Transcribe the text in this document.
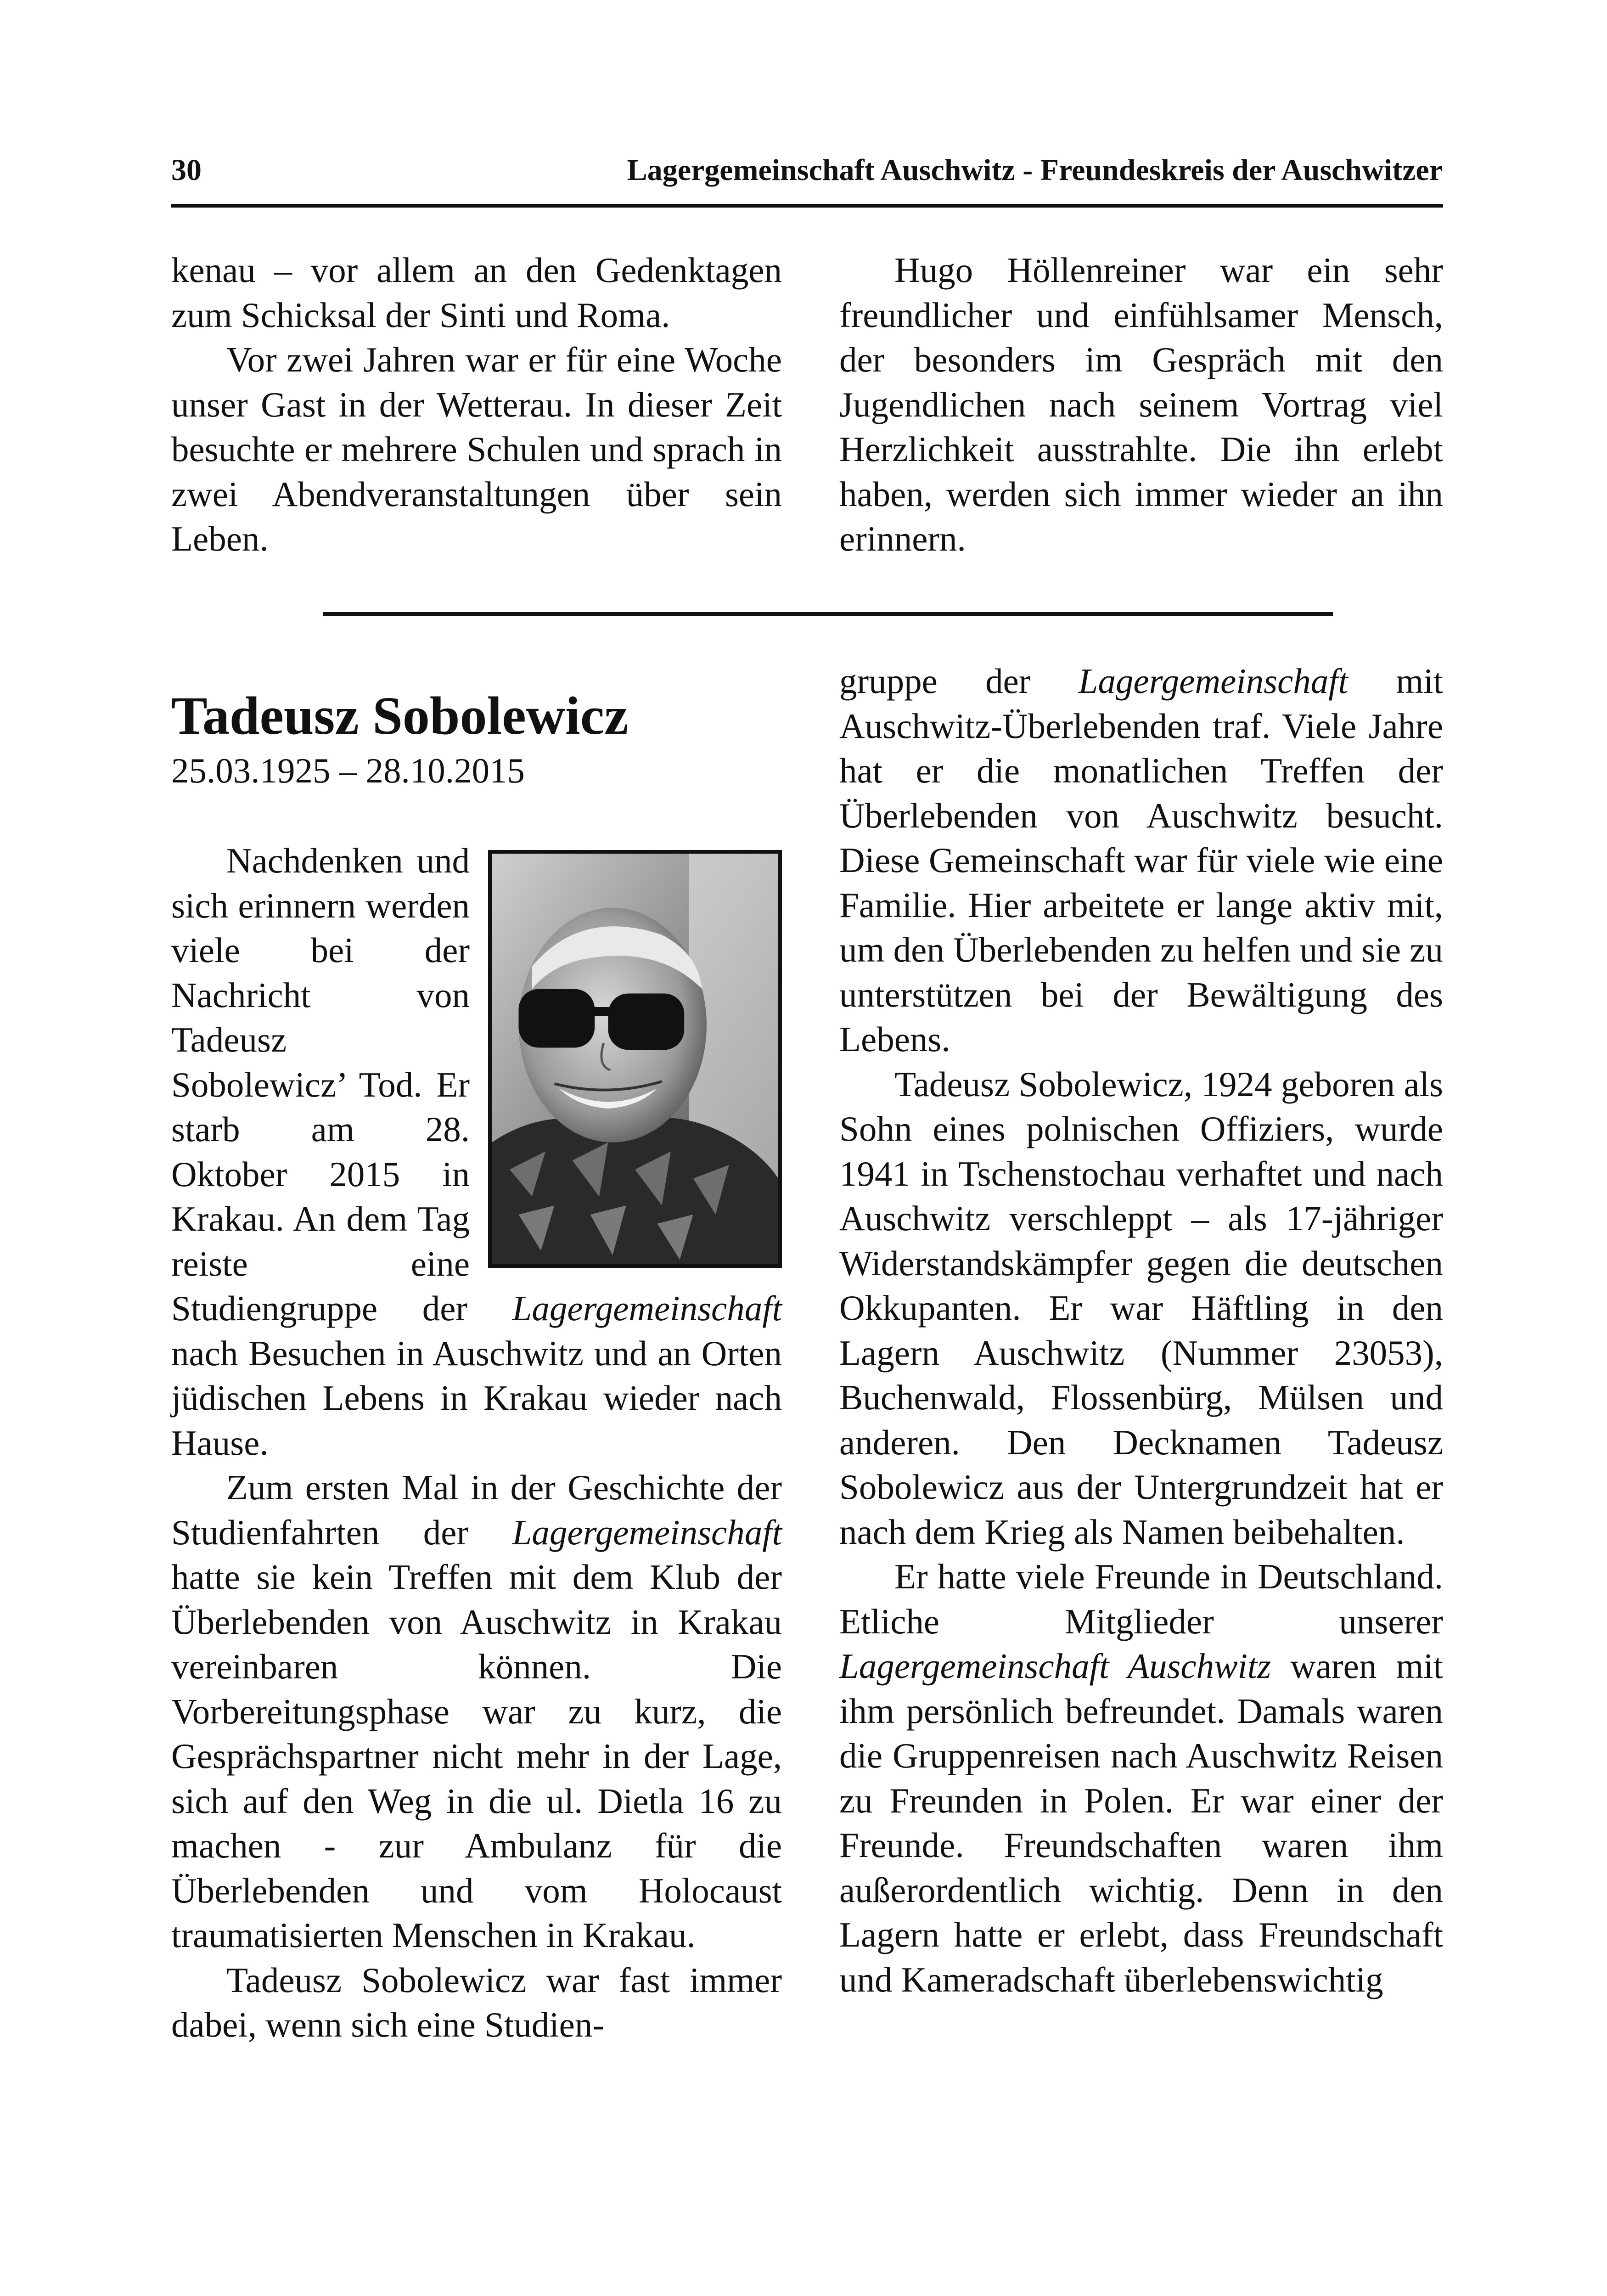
30	Lagergemeinschaft Auschwitz - Freundeskreis der Auschwitzer

kenau – vor allem an den Gedenktagen zum Schicksal der Sinti und Roma.

Vor zwei Jahren war er für eine Woche unser Gast in der Wetterau. In dieser Zeit besuchte er mehrere Schulen und sprach in zwei Abendveranstaltungen über sein Leben.

Hugo Höllenreiner war ein sehr freundlicher und einfühlsamer Mensch, der besonders im Gespräch mit den Jugendlichen nach seinem Vortrag viel Herzlichkeit ausstrahlte. Die ihn erlebt haben, werden sich immer wieder an ihn erinnern.

Tadeusz Sobolewicz
25.03.1925 – 28.10.2015

Nachdenken und sich erinnern werden viele bei der Nachricht von Tadeusz Sobolewicz’ Tod. Er starb am 28. Oktober 2015 in Krakau. An dem Tag reiste eine Studiengruppe der Lagergemeinschaft nach Besuchen in Auschwitz und an Orten jüdischen Lebens in Krakau wieder nach Hause.

Zum ersten Mal in der Geschichte der Studienfahrten der Lagergemeinschaft hatte sie kein Treffen mit dem Klub der Überlebenden von Auschwitz in Krakau vereinbaren können. Die Vorbereitungsphase war zu kurz, die Gesprächspartner nicht mehr in der Lage, sich auf den Weg in die ul. Dietla 16 zu machen - zur Ambulanz für die Überlebenden und vom Holocaust traumatisierten Menschen in Krakau.

Tadeusz Sobolewicz war fast immer dabei, wenn sich eine Studien-

gruppe der Lagergemeinschaft mit Auschwitz-Überlebenden traf. Viele Jahre hat er die monatlichen Treffen der Überlebenden von Auschwitz besucht. Diese Gemeinschaft war für viele wie eine Familie. Hier arbeitete er lange aktiv mit, um den Überlebenden zu helfen und sie zu unterstützen bei der Bewältigung des Lebens.

Tadeusz Sobolewicz, 1924 geboren als Sohn eines polnischen Offiziers, wurde 1941 in Tschenstochau verhaftet und nach Auschwitz verschleppt – als 17-jähriger Widerstandskämpfer gegen die deutschen Okkupanten. Er war Häftling in den Lagern Auschwitz (Nummer 23053), Buchenwald, Flossenbürg, Mülsen und anderen. Den Decknamen Tadeusz Sobolewicz aus der Untergrundzeit hat er nach dem Krieg als Namen beibehalten.

Er hatte viele Freunde in Deutschland. Etliche Mitglieder unserer Lagergemeinschaft Auschwitz waren mit ihm persönlich befreundet. Damals waren die Gruppenreisen nach Auschwitz Reisen zu Freunden in Polen. Er war einer der Freunde. Freundschaften waren ihm außerordentlich wichtig. Denn in den Lagern hatte er erlebt, dass Freundschaft und Kameradschaft überlebenswichtig
